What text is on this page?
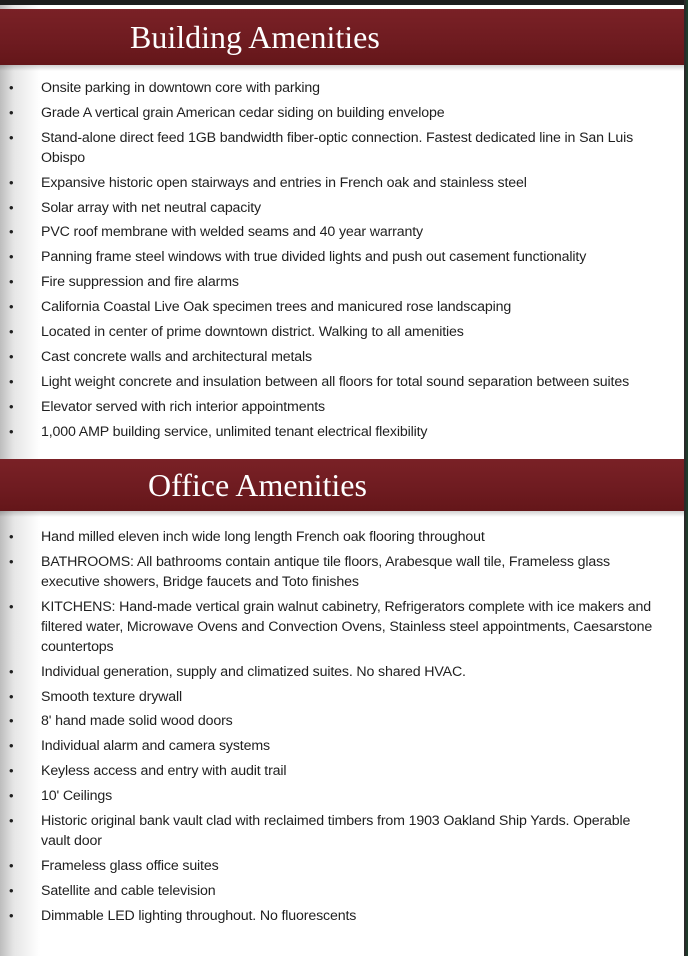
Building Amenities
• Onsite parking in downtown core with parking
• Grade A vertical grain American cedar siding on building envelope
• Stand-alone direct feed 1GB bandwidth fiber-optic connection. Fastest dedicated line in San Luis Obispo
• Expansive historic open stairways and entries in French oak and stainless steel
• Solar array with net neutral capacity
• PVC roof membrane with welded seams and 40 year warranty
• Panning frame steel windows with true divided lights and push out casement functionality
• Fire suppression and fire alarms
• California Coastal Live Oak specimen trees and manicured rose landscaping
• Located in center of prime downtown district. Walking to all amenities
• Cast concrete walls and architectural metals
• Light weight concrete and insulation between all floors for total sound separation between suites
• Elevator served with rich interior appointments
• 1,000 AMP building service, unlimited tenant electrical flexibility
Office Amenities
• Hand milled eleven inch wide long length French oak flooring throughout
• BATHROOMS: All bathrooms contain antique tile floors, Arabesque wall tile, Frameless glass executive showers, Bridge faucets and Toto finishes
• KITCHENS: Hand-made vertical grain walnut cabinetry, Refrigerators complete with ice makers and filtered water, Microwave Ovens and Convection Ovens, Stainless steel appointments, Caesarstone countertops
• Individual generation, supply and climatized suites. No shared HVAC.
• Smooth texture drywall
• 8' hand made solid wood doors
• Individual alarm and camera systems
• Keyless access and entry with audit trail
• 10' Ceilings
• Historic original bank vault clad with reclaimed timbers from 1903 Oakland Ship Yards. Operable vault door
• Frameless glass office suites
• Satellite and cable television
• Dimmable LED lighting throughout. No fluorescents
